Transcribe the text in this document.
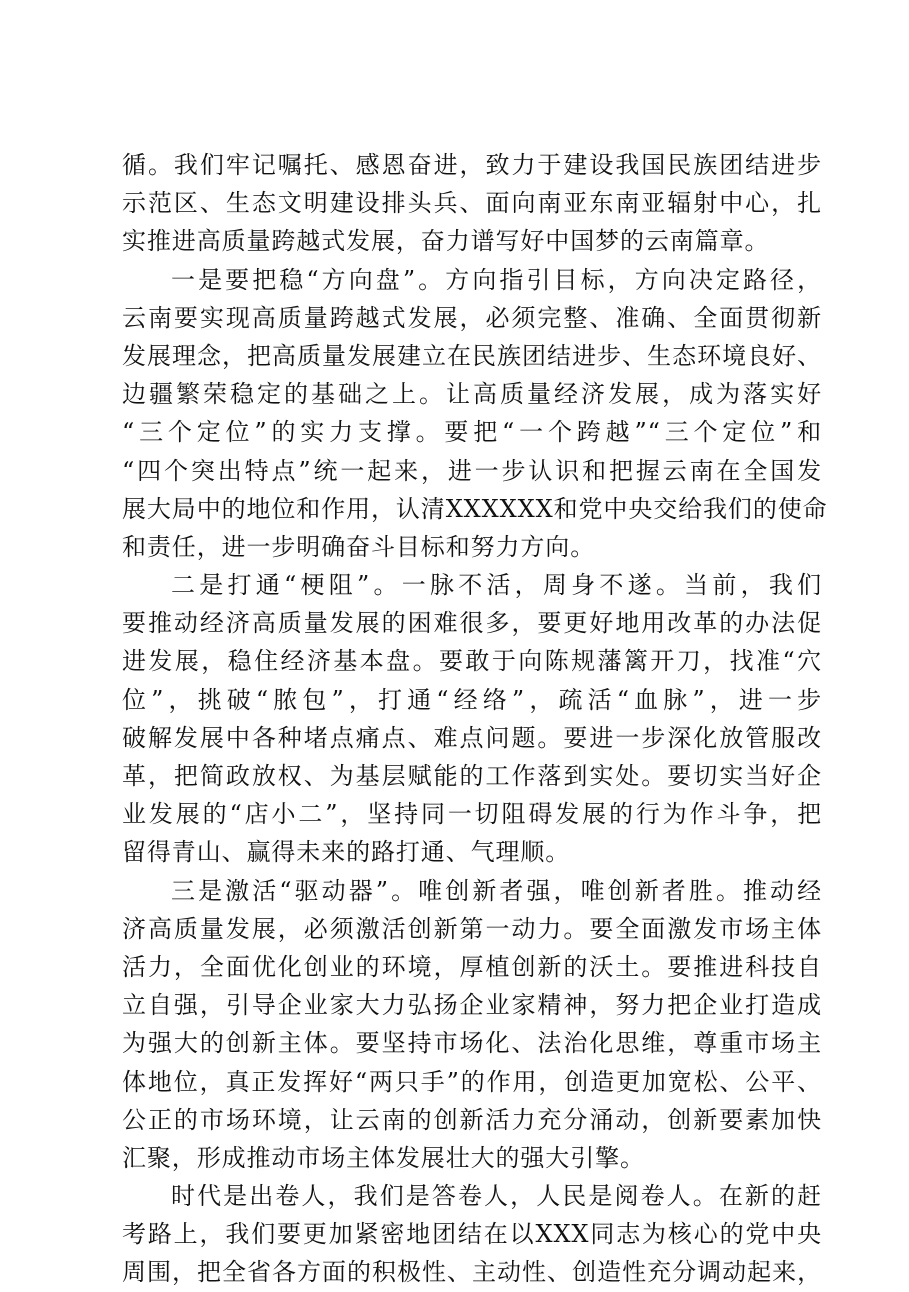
循。我们牢记嘱托、感恩奋进，致力于建设我国民族团结进步
示范区、生态文明建设排头兵、面向南亚东南亚辐射中心，扎
实推进高质量跨越式发展，奋力谱写好中国梦的云南篇章。
一是要把稳“方向盘”。方向指引目标，方向决定路径，
云南要实现高质量跨越式发展，必须完整、准确、全面贯彻新
发展理念，把高质量发展建立在民族团结进步、生态环境良好、
边疆繁荣稳定的基础之上。让高质量经济发展，成为落实好
“三个定位”的实力支撑。要把“一个跨越”“三个定位”和
“四个突出特点”统一起来，进一步认识和把握云南在全国发
展大局中的地位和作用，认清XXXXXX和党中央交给我们的使命
和责任，进一步明确奋斗目标和努力方向。
二是打通“梗阻”。一脉不活，周身不遂。当前，我们
要推动经济高质量发展的困难很多，要更好地用改革的办法促
进发展，稳住经济基本盘。要敢于向陈规藩篱开刀，找准“穴
位”，挑破“脓包”，打通“经络”，疏活“血脉”，进一步
破解发展中各种堵点痛点、难点问题。要进一步深化放管服改
革，把简政放权、为基层赋能的工作落到实处。要切实当好企
业发展的“店小二”，坚持同一切阻碍发展的行为作斗争，把
留得青山、赢得未来的路打通、气理顺。
三是激活“驱动器”。唯创新者强，唯创新者胜。推动经
济高质量发展，必须激活创新第一动力。要全面激发市场主体
活力，全面优化创业的环境，厚植创新的沃土。要推进科技自
立自强，引导企业家大力弘扬企业家精神，努力把企业打造成
为强大的创新主体。要坚持市场化、法治化思维，尊重市场主
体地位，真正发挥好“两只手”的作用，创造更加宽松、公平、
公正的市场环境，让云南的创新活力充分涌动，创新要素加快
汇聚，形成推动市场主体发展壮大的强大引擎。
时代是出卷人，我们是答卷人，人民是阅卷人。在新的赶
考路上，我们要更加紧密地团结在以XXX同志为核心的党中央
周围，把全省各方面的积极性、主动性、创造性充分调动起来，
